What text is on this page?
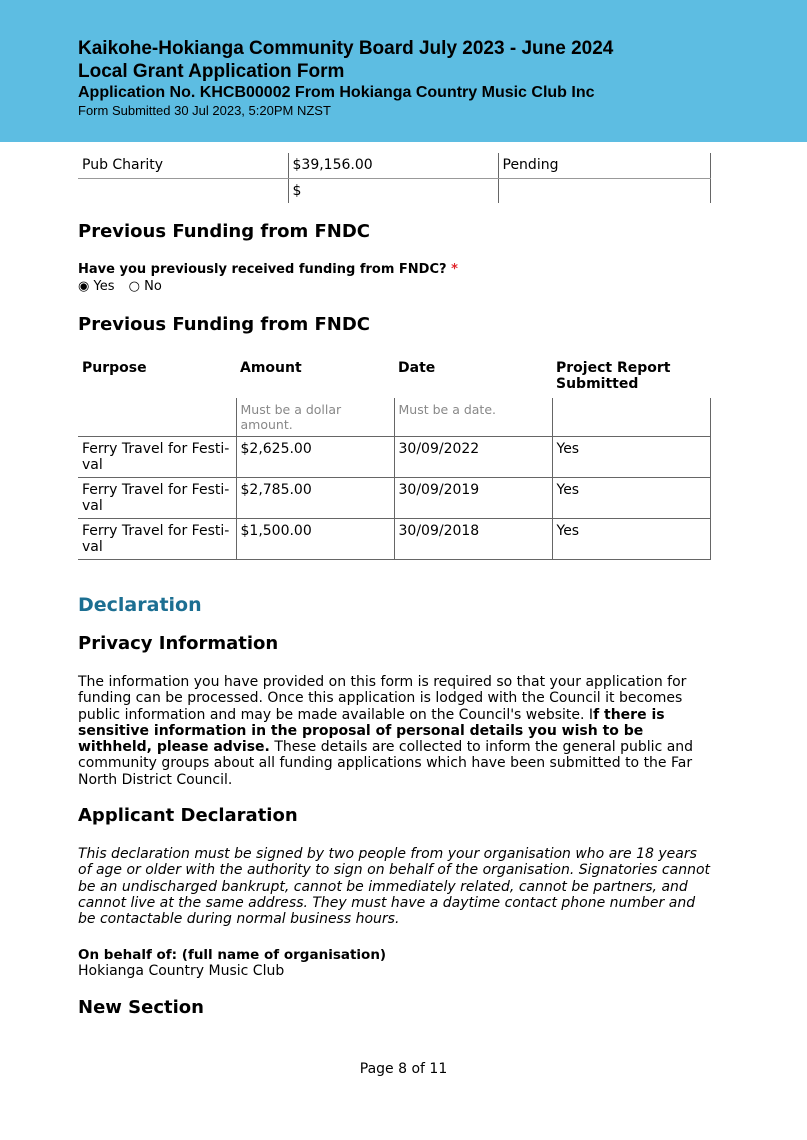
Kaikohe-Hokianga Community Board July 2023 - June 2024
Local Grant Application Form
Application No. KHCB00002 From Hokianga Country Music Club Inc
Form Submitted 30 Jul 2023, 5:20PM NZST
Pub Charity	$39,156.00	Pending
	$	
Previous Funding from FNDC
Have you previously received funding from FNDC? *
◉ Yes ○ No
Previous Funding from FNDC
Purpose	Amount	Date	Project Report Submitted
	Must be a dollar amount.	Must be a date.	
Ferry Travel for Festi-val	$2,625.00	30/09/2022	Yes
Ferry Travel for Festi-val	$2,785.00	30/09/2019	Yes
Ferry Travel for Festi-val	$1,500.00	30/09/2018	Yes
Declaration
Privacy Information

The information you have provided on this form is required so that your application for funding can be processed. Once this application is lodged with the Council it becomes public information and may be made available on the Council's website. If there is sensitive information in the proposal of personal details you wish to be withheld, please advise. These details are collected to inform the general public and community groups about all funding applications which have been submitted to the Far North District Council.

Applicant Declaration

This declaration must be signed by two people from your organisation who are 18 years of age or older with the authority to sign on behalf of the organisation. Signatories cannot be an undischarged bankrupt, cannot be immediately related, cannot be partners, and cannot live at the same address. They must have a daytime contact phone number and be contactable during normal business hours.

On behalf of: (full name of organisation)
Hokianga Country Music Club
New Section
Page 8 of 11
